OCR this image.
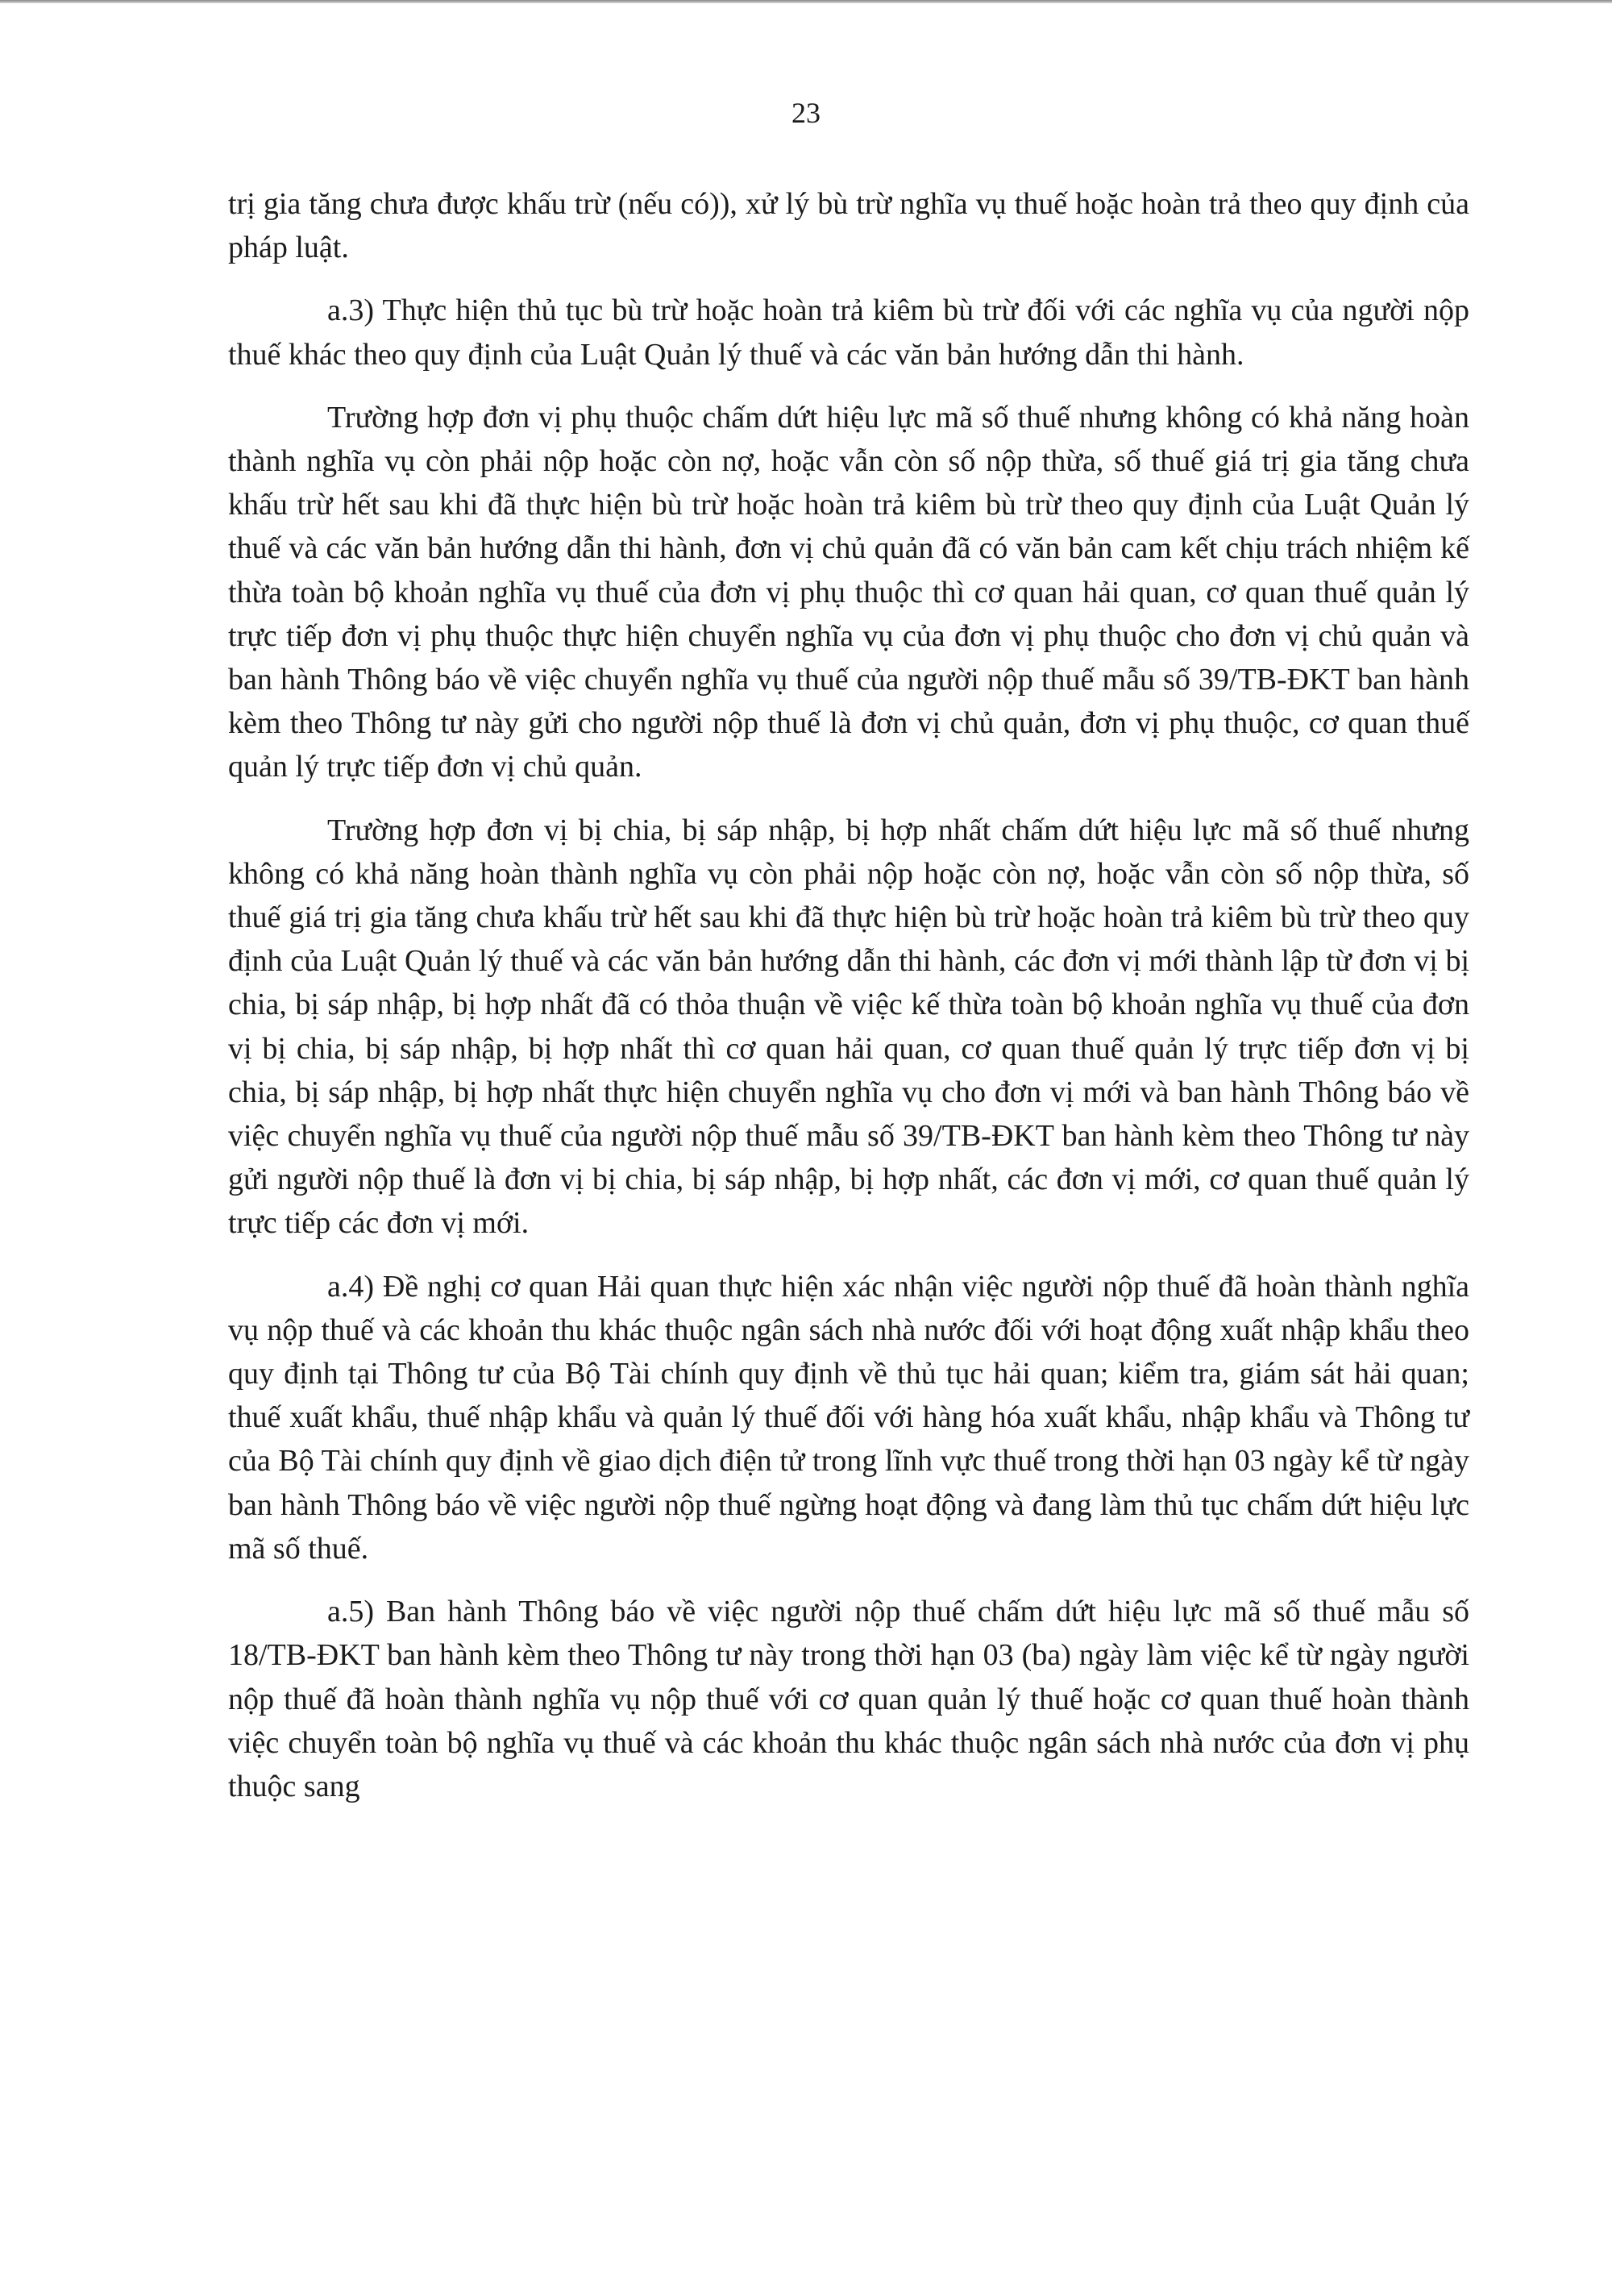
23

trị gia tăng chưa được khấu trừ (nếu có)), xử lý bù trừ nghĩa vụ thuế hoặc hoàn trả theo quy định của pháp luật.

a.3) Thực hiện thủ tục bù trừ hoặc hoàn trả kiêm bù trừ đối với các nghĩa vụ của người nộp thuế khác theo quy định của Luật Quản lý thuế và các văn bản hướng dẫn thi hành.

Trường hợp đơn vị phụ thuộc chấm dứt hiệu lực mã số thuế nhưng không có khả năng hoàn thành nghĩa vụ còn phải nộp hoặc còn nợ, hoặc vẫn còn số nộp thừa, số thuế giá trị gia tăng chưa khấu trừ hết sau khi đã thực hiện bù trừ hoặc hoàn trả kiêm bù trừ theo quy định của Luật Quản lý thuế và các văn bản hướng dẫn thi hành, đơn vị chủ quản đã có văn bản cam kết chịu trách nhiệm kế thừa toàn bộ khoản nghĩa vụ thuế của đơn vị phụ thuộc thì cơ quan hải quan, cơ quan thuế quản lý trực tiếp đơn vị phụ thuộc thực hiện chuyển nghĩa vụ của đơn vị phụ thuộc cho đơn vị chủ quản và ban hành Thông báo về việc chuyển nghĩa vụ thuế của người nộp thuế mẫu số 39/TB-ĐKT ban hành kèm theo Thông tư này gửi cho người nộp thuế là đơn vị chủ quản, đơn vị phụ thuộc, cơ quan thuế quản lý trực tiếp đơn vị chủ quản.

Trường hợp đơn vị bị chia, bị sáp nhập, bị hợp nhất chấm dứt hiệu lực mã số thuế nhưng không có khả năng hoàn thành nghĩa vụ còn phải nộp hoặc còn nợ, hoặc vẫn còn số nộp thừa, số thuế giá trị gia tăng chưa khấu trừ hết sau khi đã thực hiện bù trừ hoặc hoàn trả kiêm bù trừ theo quy định của Luật Quản lý thuế và các văn bản hướng dẫn thi hành, các đơn vị mới thành lập từ đơn vị bị chia, bị sáp nhập, bị hợp nhất đã có thỏa thuận về việc kế thừa toàn bộ khoản nghĩa vụ thuế của đơn vị bị chia, bị sáp nhập, bị hợp nhất thì cơ quan hải quan, cơ quan thuế quản lý trực tiếp đơn vị bị chia, bị sáp nhập, bị hợp nhất thực hiện chuyển nghĩa vụ cho đơn vị mới và ban hành Thông báo về việc chuyển nghĩa vụ thuế của người nộp thuế mẫu số 39/TB-ĐKT ban hành kèm theo Thông tư này gửi người nộp thuế là đơn vị bị chia, bị sáp nhập, bị hợp nhất, các đơn vị mới, cơ quan thuế quản lý trực tiếp các đơn vị mới.

a.4) Đề nghị cơ quan Hải quan thực hiện xác nhận việc người nộp thuế đã hoàn thành nghĩa vụ nộp thuế và các khoản thu khác thuộc ngân sách nhà nước đối với hoạt động xuất nhập khẩu theo quy định tại Thông tư của Bộ Tài chính quy định về thủ tục hải quan; kiểm tra, giám sát hải quan; thuế xuất khẩu, thuế nhập khẩu và quản lý thuế đối với hàng hóa xuất khẩu, nhập khẩu và Thông tư của Bộ Tài chính quy định về giao dịch điện tử trong lĩnh vực thuế trong thời hạn 03 ngày kể từ ngày ban hành Thông báo về việc người nộp thuế ngừng hoạt động và đang làm thủ tục chấm dứt hiệu lực mã số thuế.

a.5) Ban hành Thông báo về việc người nộp thuế chấm dứt hiệu lực mã số thuế mẫu số 18/TB-ĐKT ban hành kèm theo Thông tư này trong thời hạn 03 (ba) ngày làm việc kể từ ngày người nộp thuế đã hoàn thành nghĩa vụ nộp thuế với cơ quan quản lý thuế hoặc cơ quan thuế hoàn thành việc chuyển toàn bộ nghĩa vụ thuế và các khoản thu khác thuộc ngân sách nhà nước của đơn vị phụ thuộc sang
